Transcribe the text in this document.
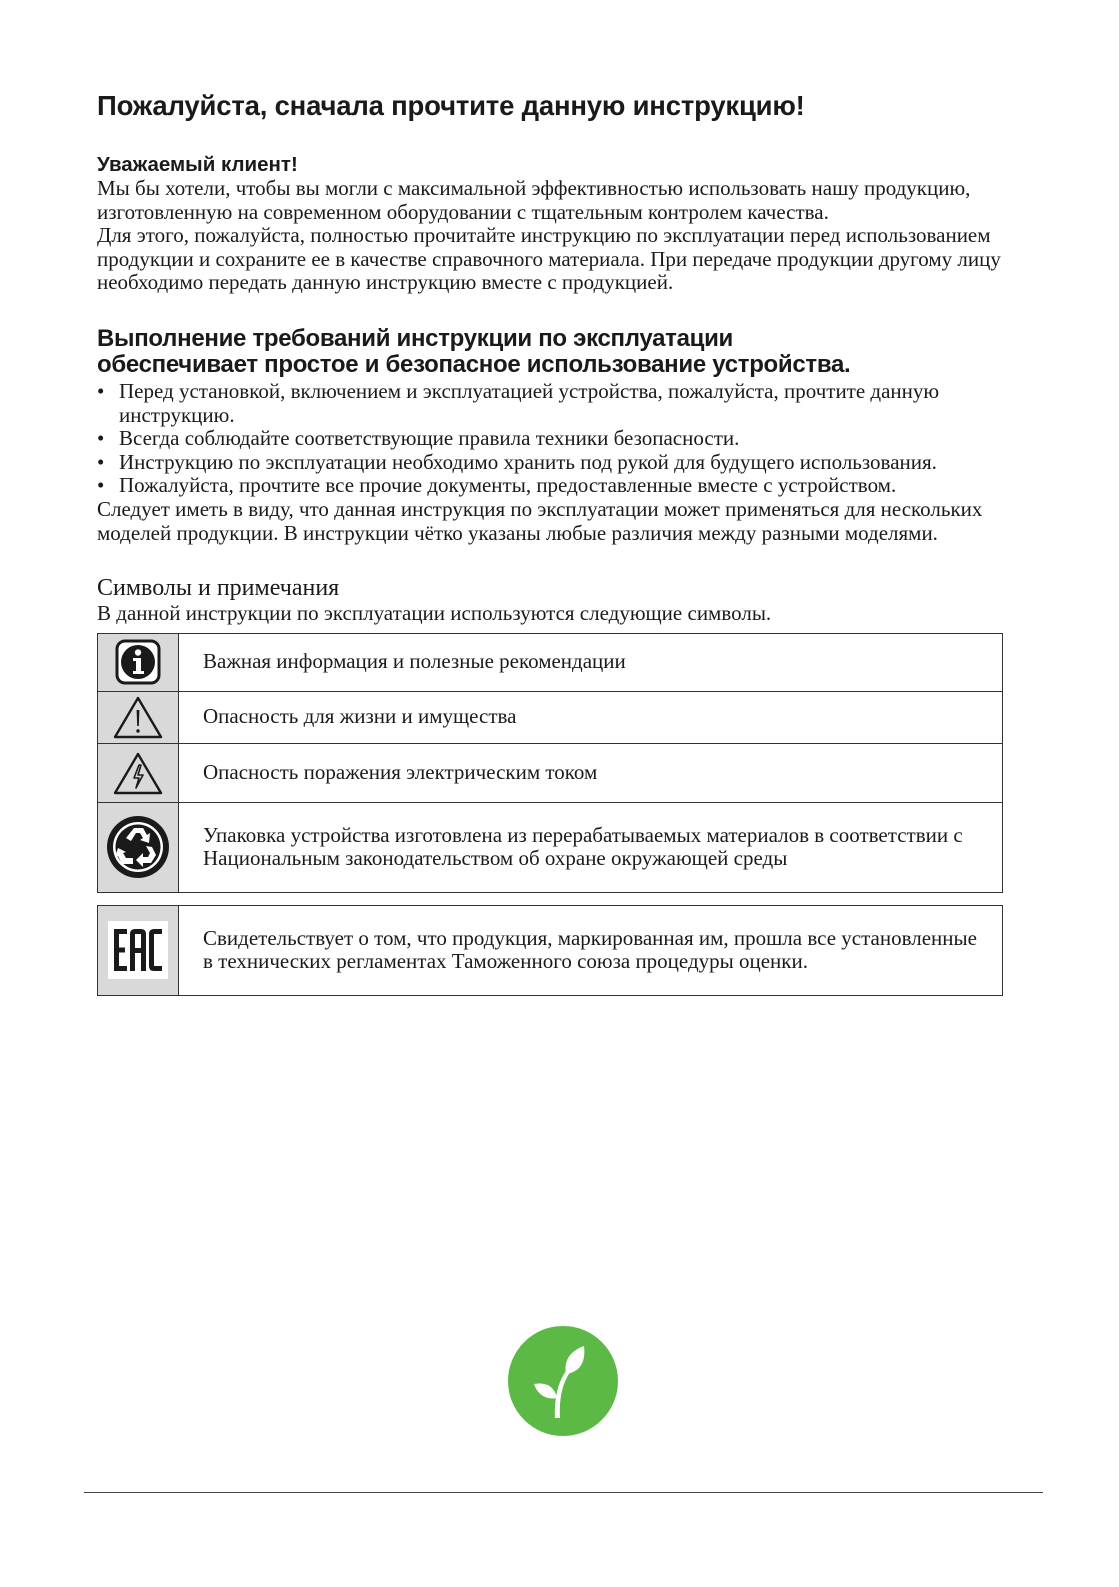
Пожалуйста, сначала прочтите данную инструкцию!
Уважаемый клиент!

Мы бы хотели, чтобы вы могли с максимальной эффективностью использовать нашу продукцию, изготовленную на современном оборудовании с тщательным контролем качества.

Для этого, пожалуйста, полностью прочитайте инструкцию по эксплуатации перед использованием продукции и сохраните ее в качестве справочного материала. При передаче продукции другому лицу необходимо передать данную инструкцию вместе с продукцией.

Выполнение требований инструкции по эксплуатации
обеспечивает простое и безопасное использование устройства.
• Перед установкой, включением и эксплуатацией устройства, пожалуйста, прочтите данную инструкцию.
• Всегда соблюдайте соответствующие правила техники безопасности.
• Инструкцию по эксплуатации необходимо хранить под рукой для будущего использования.
• Пожалуйста, прочтите все прочие документы, предоставленные вместе с устройством.

Следует иметь в виду, что данная инструкция по эксплуатации может применяться для нескольких моделей продукции. В инструкции чётко указаны любые различия между разными моделями.

Символы и примечания

В данной инструкции по эксплуатации используются следующие символы.

	Важная информация и полезные рекомендации

	Опасность для жизни и имущества

	Опасность поражения электрическим током

	Упаковка устройства изготовлена из перерабатываемых материалов в соответствии с Национальным законодательством об охране окружающей среды
	Свидетельствует о том, что продукция, маркированная им, прошла все установленные в технических регламентах Таможенного союза процедуры оценки.
